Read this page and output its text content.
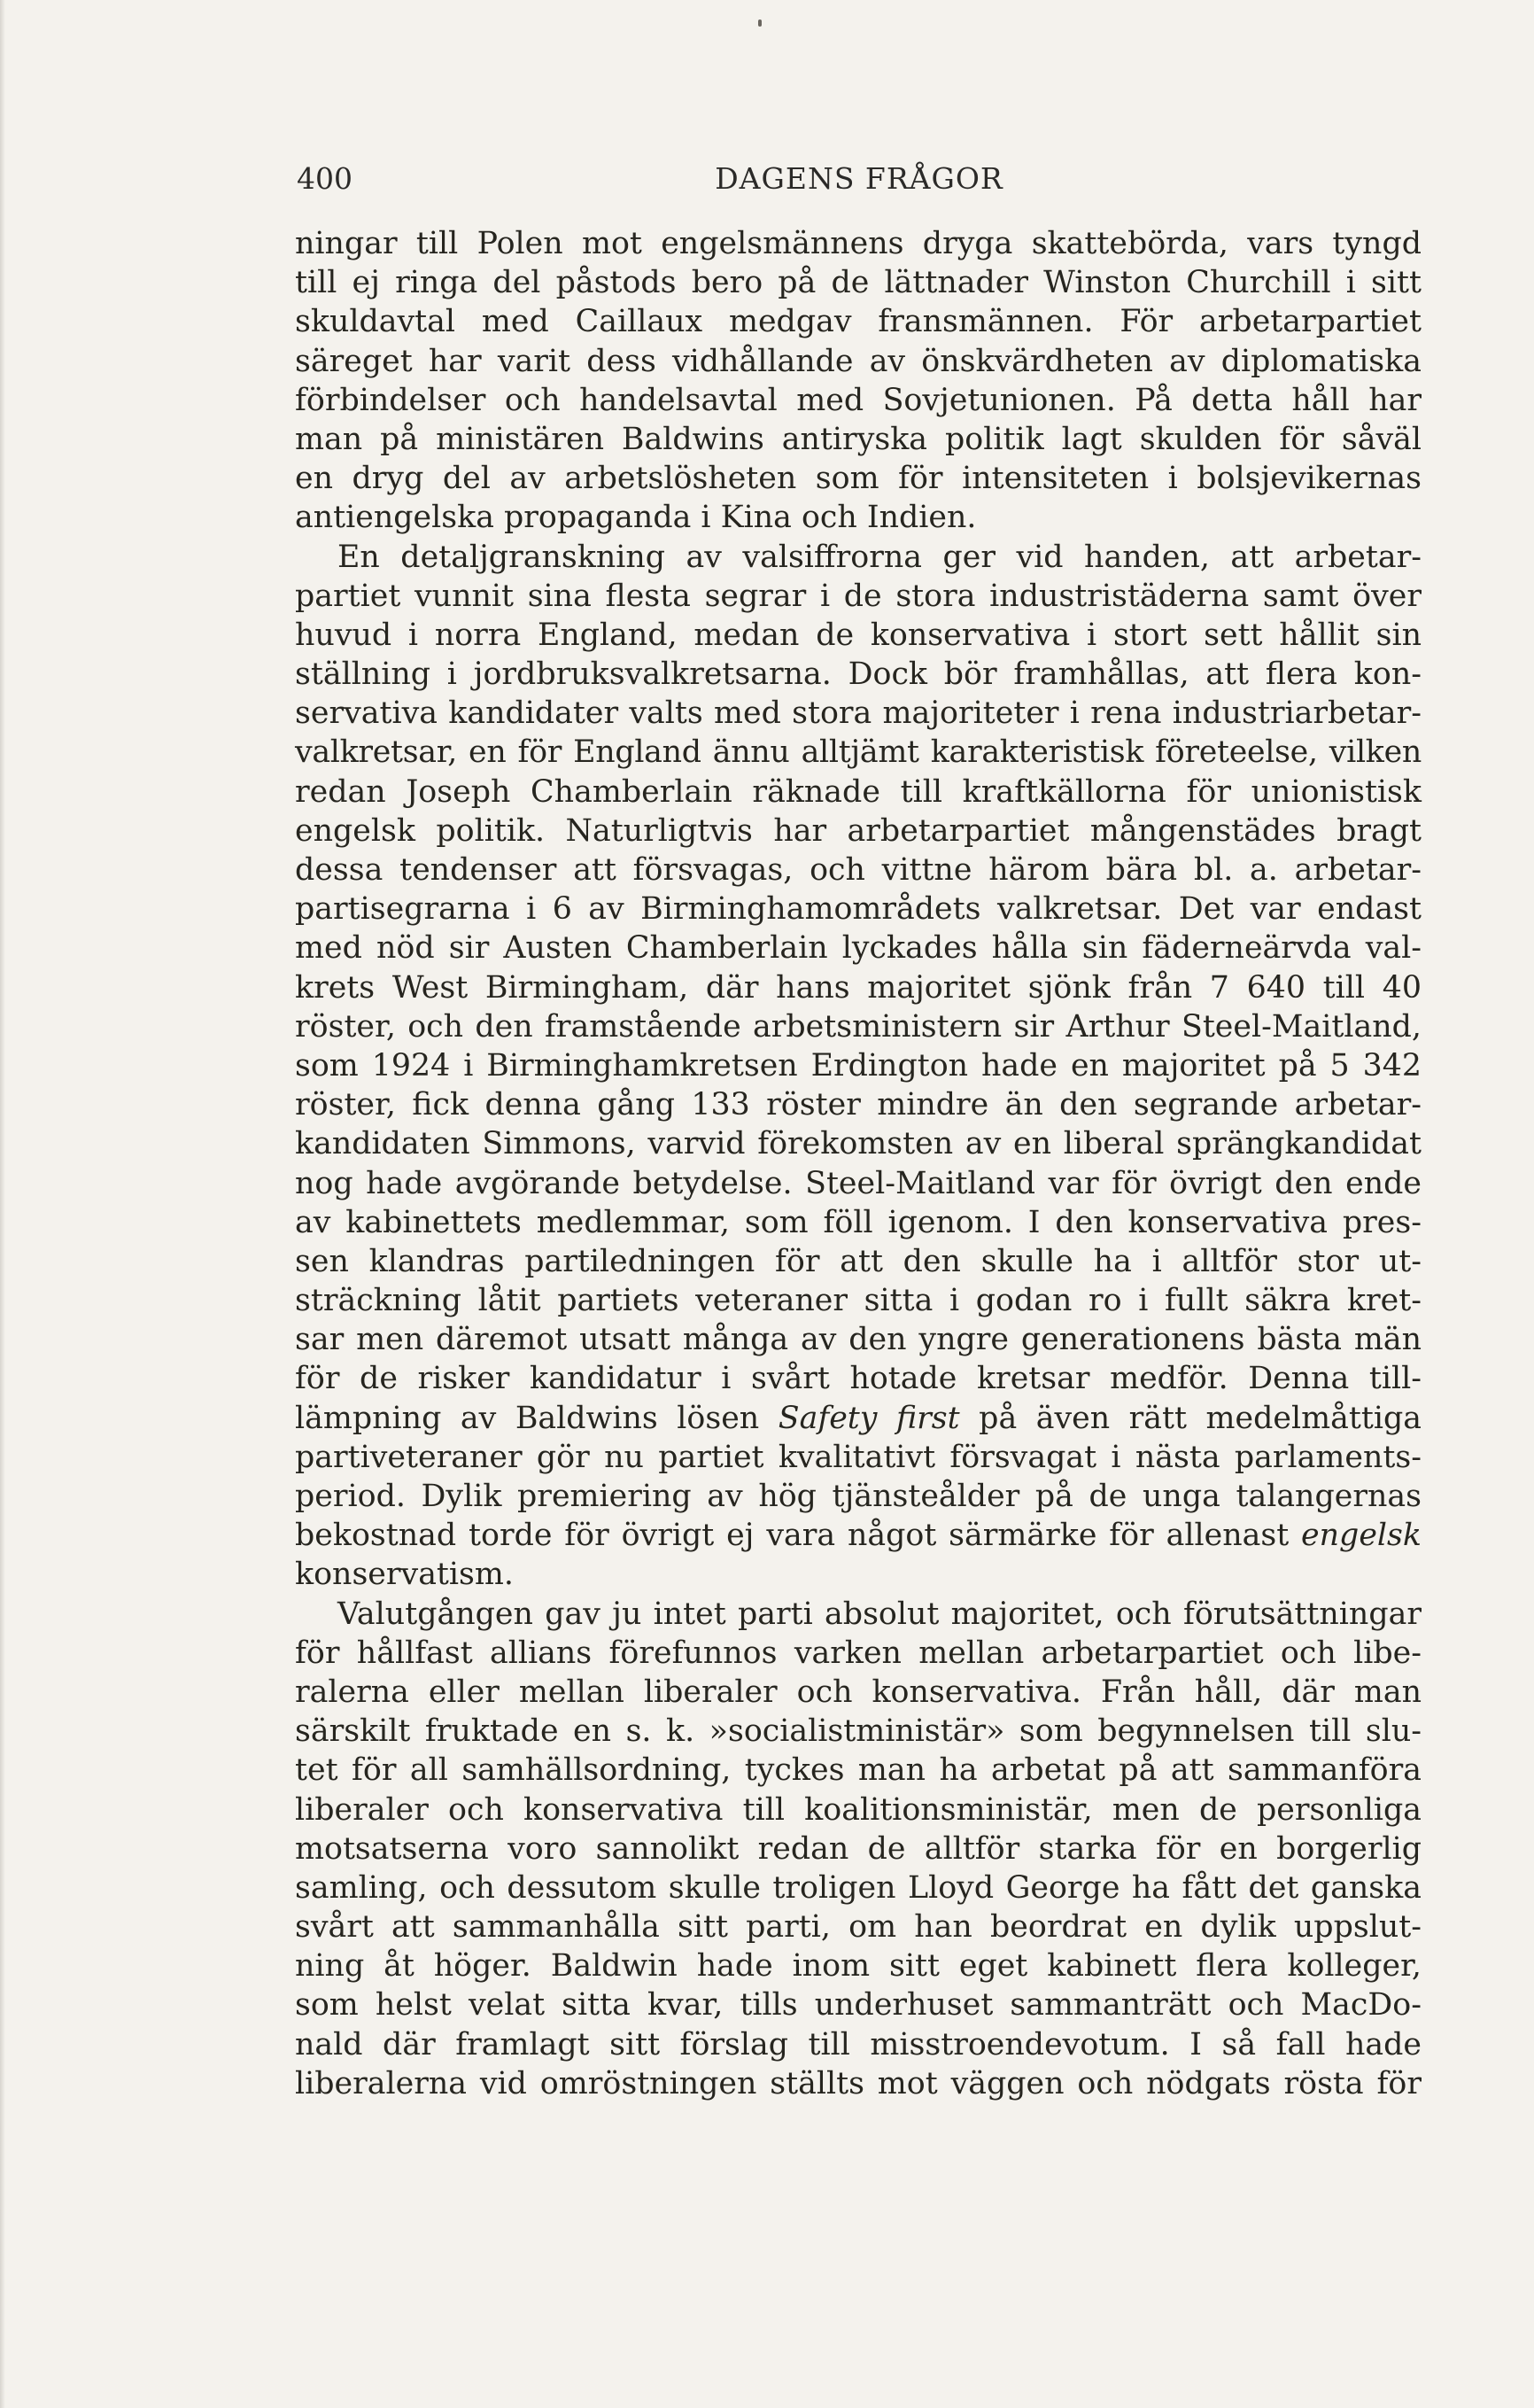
400	DAGENS FRÅGOR
ningar till Polen mot engelsmännens dryga skattebörda, vars tyngd
till ej ringa del påstods bero på de lättnader Winston Churchill i sitt
skuldavtal med Caillaux medgav fransmännen. För arbetarpartiet
säreget har varit dess vidhållande av önskvärdheten av diplomatiska
förbindelser och handelsavtal med Sovjetunionen. På detta håll har
man på ministären Baldwins antiryska politik lagt skulden för såväl
en dryg del av arbetslösheten som för intensiteten i bolsjevikernas
antiengelska propaganda i Kina och Indien.
En detaljgranskning av valsiffrorna ger vid handen, att arbetar-
partiet vunnit sina flesta segrar i de stora industristäderna samt över
huvud i norra England, medan de konservativa i stort sett hållit sin
ställning i jordbruksvalkretsarna. Dock bör framhållas, att flera kon-
servativa kandidater valts med stora majoriteter i rena industriarbetar-
valkretsar, en för England ännu alltjämt karakteristisk företeelse, vilken
redan Joseph Chamberlain räknade till kraftkällorna för unionistisk
engelsk politik. Naturligtvis har arbetarpartiet mångenstädes bragt
dessa tendenser att försvagas, och vittne härom bära bl. a. arbetar-
partisegrarna i 6 av Birminghamområdets valkretsar. Det var endast
med nöd sir Austen Chamberlain lyckades hålla sin fäderneärvda val-
krets West Birmingham, där hans majoritet sjönk från 7 640 till 40
röster, och den framstående arbetsministern sir Arthur Steel-Maitland,
som 1924 i Birminghamkretsen Erdington hade en majoritet på 5 342
röster, fick denna gång 133 röster mindre än den segrande arbetar-
kandidaten Simmons, varvid förekomsten av en liberal sprängkandidat
nog hade avgörande betydelse. Steel-Maitland var för övrigt den ende
av kabinettets medlemmar, som föll igenom. I den konservativa pres-
sen klandras partiledningen för att den skulle ha i alltför stor ut-
sträckning låtit partiets veteraner sitta i godan ro i fullt säkra kret-
sar men däremot utsatt många av den yngre generationens bästa män
för de risker kandidatur i svårt hotade kretsar medför. Denna till-
lämpning av Baldwins lösen Safety first på även rätt medelmåttiga
partiveteraner gör nu partiet kvalitativt försvagat i nästa parlaments-
period. Dylik premiering av hög tjänsteålder på de unga talangernas
bekostnad torde för övrigt ej vara något särmärke för allenast engelsk
konservatism.
Valutgången gav ju intet parti absolut majoritet, och förutsättningar
för hållfast allians förefunnos varken mellan arbetarpartiet och libe-
ralerna eller mellan liberaler och konservativa. Från håll, där man
särskilt fruktade en s. k. »socialistministär» som begynnelsen till slu-
tet för all samhällsordning, tyckes man ha arbetat på att sammanföra
liberaler och konservativa till koalitionsministär, men de personliga
motsatserna voro sannolikt redan de alltför starka för en borgerlig
samling, och dessutom skulle troligen Lloyd George ha fått det ganska
svårt att sammanhålla sitt parti, om han beordrat en dylik uppslut-
ning åt höger. Baldwin hade inom sitt eget kabinett flera kolleger,
som helst velat sitta kvar, tills underhuset sammanträtt och MacDo-
nald där framlagt sitt förslag till misstroendevotum. I så fall hade
liberalerna vid omröstningen ställts mot väggen och nödgats rösta för
